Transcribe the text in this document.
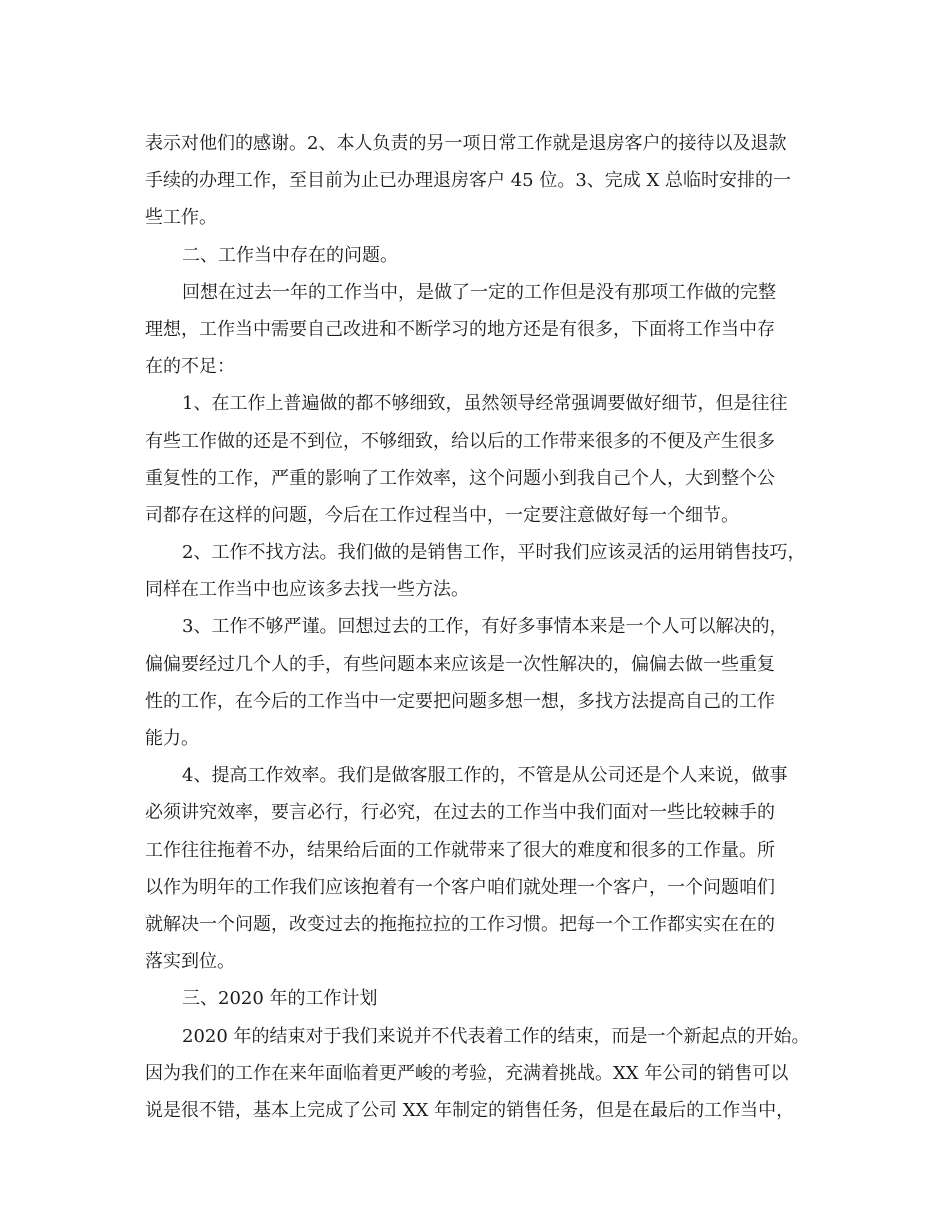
表示对他们的感谢。2、本人负责的另一项日常工作就是退房客户的接待以及退款
手续的办理工作，至目前为止已办理退房客户 45 位。3、完成 X 总临时安排的一
些工作。
二、工作当中存在的问题。
回想在过去一年的工作当中，是做了一定的工作但是没有那项工作做的完整
理想，工作当中需要自己改进和不断学习的地方还是有很多，下面将工作当中存
在的不足：
1、在工作上普遍做的都不够细致，虽然领导经常强调要做好细节，但是往往
有些工作做的还是不到位，不够细致，给以后的工作带来很多的不便及产生很多
重复性的工作，严重的影响了工作效率，这个问题小到我自己个人，大到整个公
司都存在这样的问题，今后在工作过程当中，一定要注意做好每一个细节。
2、工作不找方法。我们做的是销售工作，平时我们应该灵活的运用销售技巧，
同样在工作当中也应该多去找一些方法。
3、工作不够严谨。回想过去的工作，有好多事情本来是一个人可以解决的，
偏偏要经过几个人的手，有些问题本来应该是一次性解决的，偏偏去做一些重复
性的工作，在今后的工作当中一定要把问题多想一想，多找方法提高自己的工作
能力。
4、提高工作效率。我们是做客服工作的，不管是从公司还是个人来说，做事
必须讲究效率，要言必行，行必究，在过去的工作当中我们面对一些比较棘手的
工作往往拖着不办，结果给后面的工作就带来了很大的难度和很多的工作量。所
以作为明年的工作我们应该抱着有一个客户咱们就处理一个客户，一个问题咱们
就解决一个问题，改变过去的拖拖拉拉的工作习惯。把每一个工作都实实在在的
落实到位。
三、2020 年的工作计划
2020 年的结束对于我们来说并不代表着工作的结束，而是一个新起点的开始。
因为我们的工作在来年面临着更严峻的考验，充满着挑战。XX 年公司的销售可以
说是很不错，基本上完成了公司 XX 年制定的销售任务，但是在最后的工作当中，
